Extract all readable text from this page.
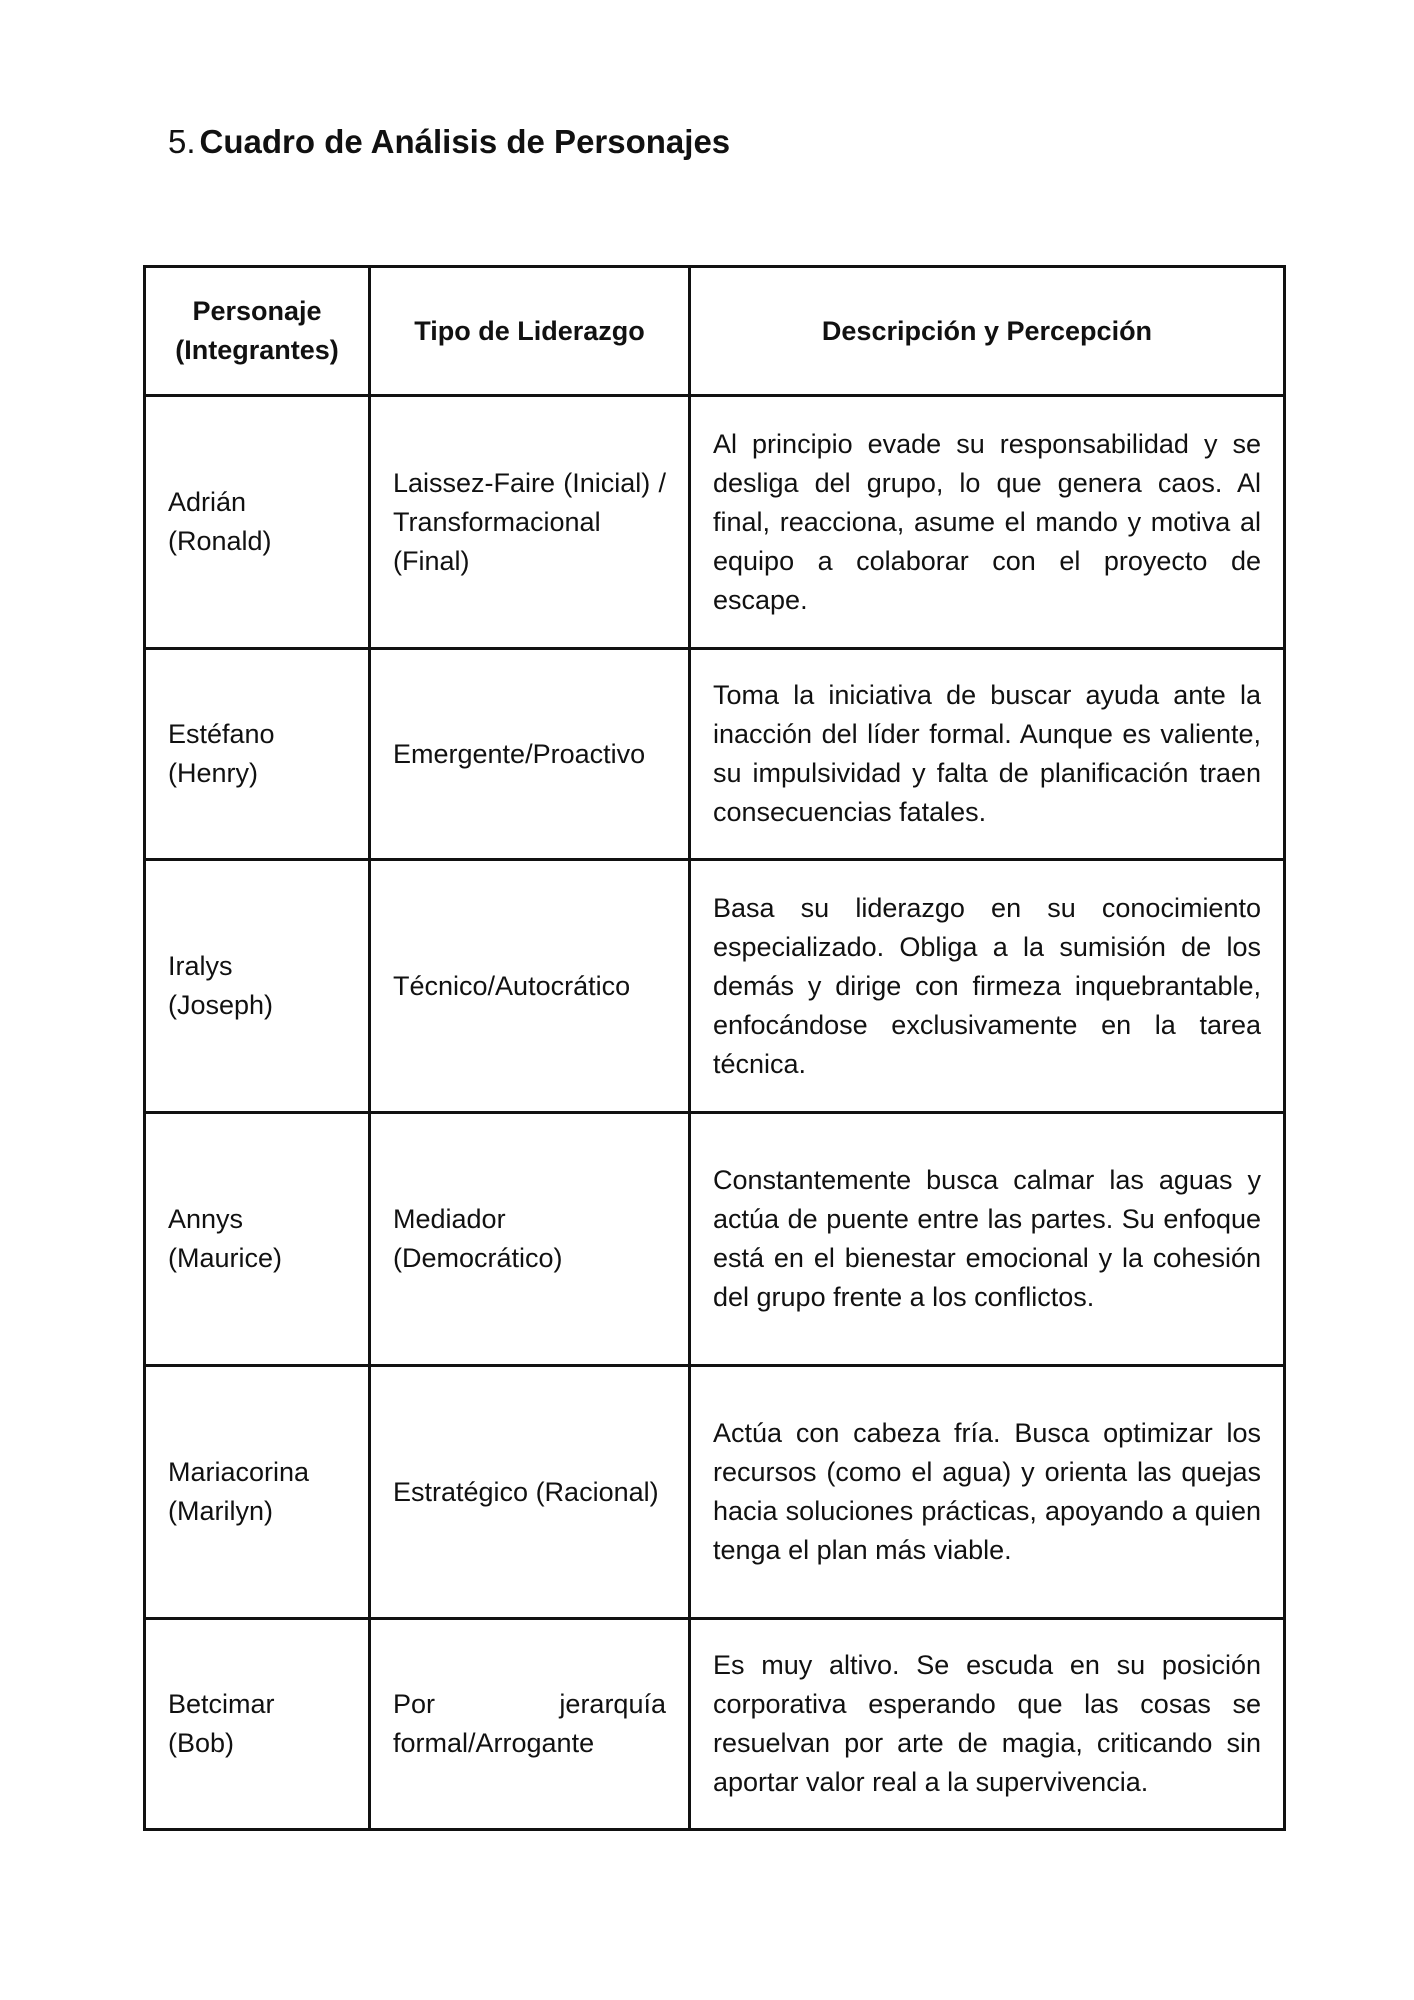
5. Cuadro de Análisis de Personajes
Personaje
(Integrantes)	Tipo de Liderazgo	Descripción y Percepción

Adrián
(Ronald)	Laissez-Faire (Inicial) / Transformacional (Final)	Al principio evade su responsabilidad y se desliga del grupo, lo que genera caos. Al final, reacciona, asume el mando y motiva al equipo a colaborar con el proyecto de escape.

Estéfano
(Henry)	Emergente/Proactivo	Toma la iniciativa de buscar ayuda ante la inacción del líder formal. Aunque es valiente, su impulsividad y falta de planificación traen consecuencias fatales.

Iralys
(Joseph)	Técnico/Autocrático	Basa su liderazgo en su conocimiento especializado. Obliga a la sumisión de los demás y dirige con firmeza inquebrantable, enfocándose exclusivamente en la tarea técnica.

Annys
(Maurice)	Mediador (Democrático)	Constantemente busca calmar las aguas y actúa de puente entre las partes. Su enfoque está en el bienestar emocional y la cohesión del grupo frente a los conflictos.

Mariacorina
(Marilyn)	Estratégico (Racional)	Actúa con cabeza fría. Busca optimizar los recursos (como el agua) y orienta las quejas hacia soluciones prácticas, apoyando a quien tenga el plan más viable.

Betcimar
(Bob)	Por jerarquía formal/Arrogante	Es muy altivo. Se escuda en su posición corporativa esperando que las cosas se resuelvan por arte de magia, criticando sin aportar valor real a la supervivencia.
